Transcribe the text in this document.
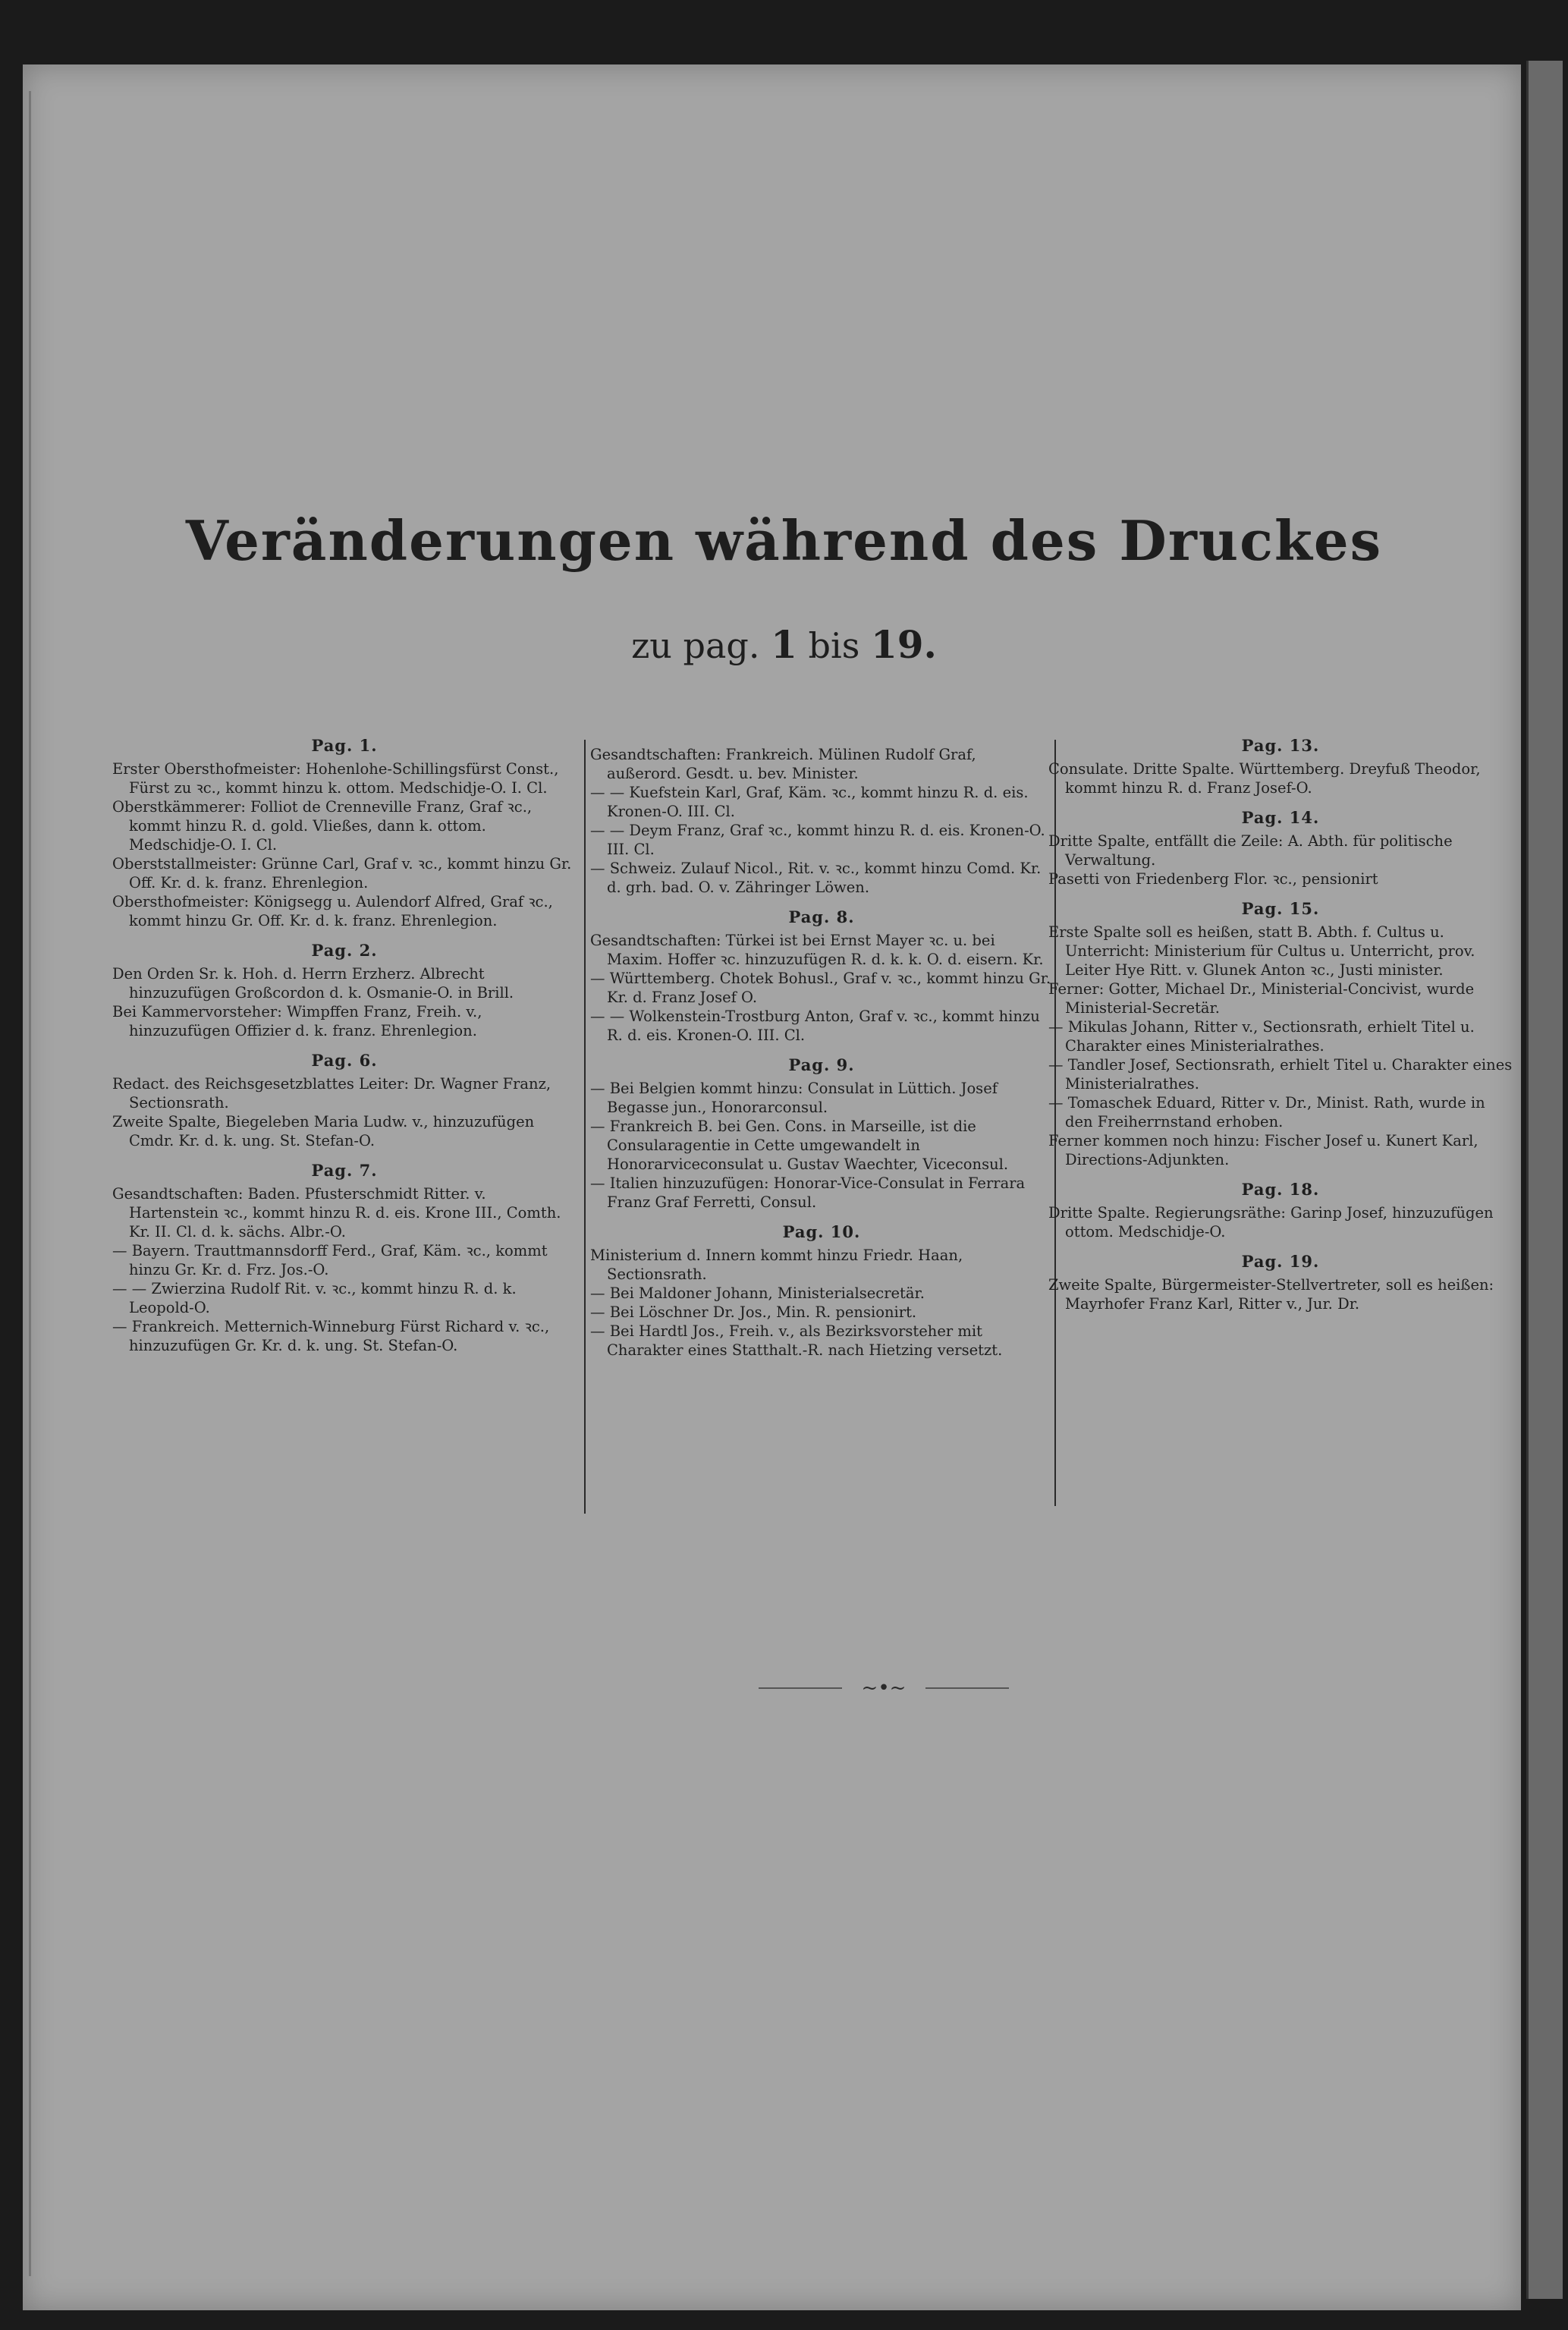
Veränderungen während des Druckes
zu pag. 1 bis 19.
Pag. 1.

Erster Obersthofmeister: Hohenlohe-Schillingsfürst Const., Fürst zu ꝛc., kommt hinzu k. ottom. Medschidje-O. I. Cl.

Oberstkämmerer: Folliot de Crenneville Franz, Graf ꝛc., kommt hinzu R. d. gold. Vließes, dann k. ottom. Medschidje-O. I. Cl.

Oberststallmeister: Grünne Carl, Graf v. ꝛc., kommt hinzu Gr. Off. Kr. d. k. franz. Ehrenlegion.

Obersthofmeister: Königsegg u. Aulendorf Alfred, Graf ꝛc., kommt hinzu Gr. Off. Kr. d. k. franz. Ehrenlegion.

Pag. 2.

Den Orden Sr. k. Hoh. d. Herrn Erzherz. Albrecht hinzuzufügen Großcordon d. k. Osmanie-O. in Brill.

Bei Kammervorsteher: Wimpffen Franz, Freih. v., hinzuzufügen Offizier d. k. franz. Ehrenlegion.

Pag. 6.

Redact. des Reichsgesetzblattes Leiter: Dr. Wagner Franz, Sectionsrath.

Zweite Spalte, Biegeleben Maria Ludw. v., hinzuzufügen Cmdr. Kr. d. k. ung. St. Stefan-O.

Pag. 7.

Gesandtschaften: Baden. Pfusterschmidt Ritter. v. Hartenstein ꝛc., kommt hinzu R. d. eis. Krone III., Comth. Kr. II. Cl. d. k. sächs. Albr.-O.

— Bayern. Trauttmannsdorff Ferd., Graf, Käm. ꝛc., kommt hinzu Gr. Kr. d. Frz. Jos.-O.

— — Zwierzina Rudolf Rit. v. ꝛc., kommt hinzu R. d. k. Leopold-O.

— Frankreich. Metternich-Winneburg Fürst Richard v. ꝛc., hinzuzufügen Gr. Kr. d. k. ung. St. Stefan-O.

Gesandtschaften: Frankreich. Mülinen Rudolf Graf, außerord. Gesdt. u. bev. Minister.

— — Kuefstein Karl, Graf, Käm. ꝛc., kommt hinzu R. d. eis. Kronen-O. III. Cl.

— — Deym Franz, Graf ꝛc., kommt hinzu R. d. eis. Kronen-O. III. Cl.

— Schweiz. Zulauf Nicol., Rit. v. ꝛc., kommt hinzu Comd. Kr. d. grh. bad. O. v. Zähringer Löwen.

Pag. 8.

Gesandtschaften: Türkei ist bei Ernst Mayer ꝛc. u. bei Maxim. Hoffer ꝛc. hinzuzufügen R. d. k. k. O. d. eisern. Kr.

— Württemberg. Chotek Bohusl., Graf v. ꝛc., kommt hinzu Gr. Kr. d. Franz Josef O.

— — Wolkenstein-Trostburg Anton, Graf v. ꝛc., kommt hinzu R. d. eis. Kronen-O. III. Cl.

Pag. 9.

— Bei Belgien kommt hinzu: Consulat in Lüttich. Josef Begasse jun., Honorarconsul.

— Frankreich B. bei Gen. Cons. in Marseille, ist die Consularagentie in Cette umgewandelt in Honorarviceconsulat u. Gustav Waechter, Viceconsul.

— Italien hinzuzufügen: Honorar-Vice-Consulat in Ferrara Franz Graf Ferretti, Consul.

Pag. 10.

Ministerium d. Innern kommt hinzu Friedr. Haan, Sectionsrath.

— Bei Maldoner Johann, Ministerialsecretär.

— Bei Löschner Dr. Jos., Min. R. pensionirt.

— Bei Hardtl Jos., Freih. v., als Bezirksvorsteher mit Charakter eines Statthalt.-R. nach Hietzing versetzt.

Pag. 13.

Consulate. Dritte Spalte. Württemberg. Dreyfuß Theodor, kommt hinzu R. d. Franz Josef-O.

Pag. 14.

Dritte Spalte, entfällt die Zeile: A. Abth. für politische Verwaltung.

Pasetti von Friedenberg Flor. ꝛc., pensionirt

Pag. 15.

Erste Spalte soll es heißen, statt B. Abth. f. Cultus u. Unterricht: Ministerium für Cultus u. Unterricht, prov. Leiter Hye Ritt. v. Glunek Anton ꝛc., Justi minister.

Ferner: Gotter, Michael Dr., Ministerial-Concivist, wurde Ministerial-Secretär.

— Mikulas Johann, Ritter v., Sectionsrath, erhielt Titel u. Charakter eines Ministerialrathes.

— Tandler Josef, Sectionsrath, erhielt Titel u. Charakter eines Ministerialrathes.

— Tomaschek Eduard, Ritter v. Dr., Minist. Rath, wurde in den Freiherrnstand erhoben.

Ferner kommen noch hinzu: Fischer Josef u. Kunert Karl, Directions-Adjunkten.

Pag. 18.

Dritte Spalte. Regierungsräthe: Garinp Josef, hinzuzufügen ottom. Medschidje-O.

Pag. 19.

Zweite Spalte, Bürgermeister-Stellvertreter, soll es heißen: Mayrhofer Franz Karl, Ritter v., Jur. Dr.

~•~
